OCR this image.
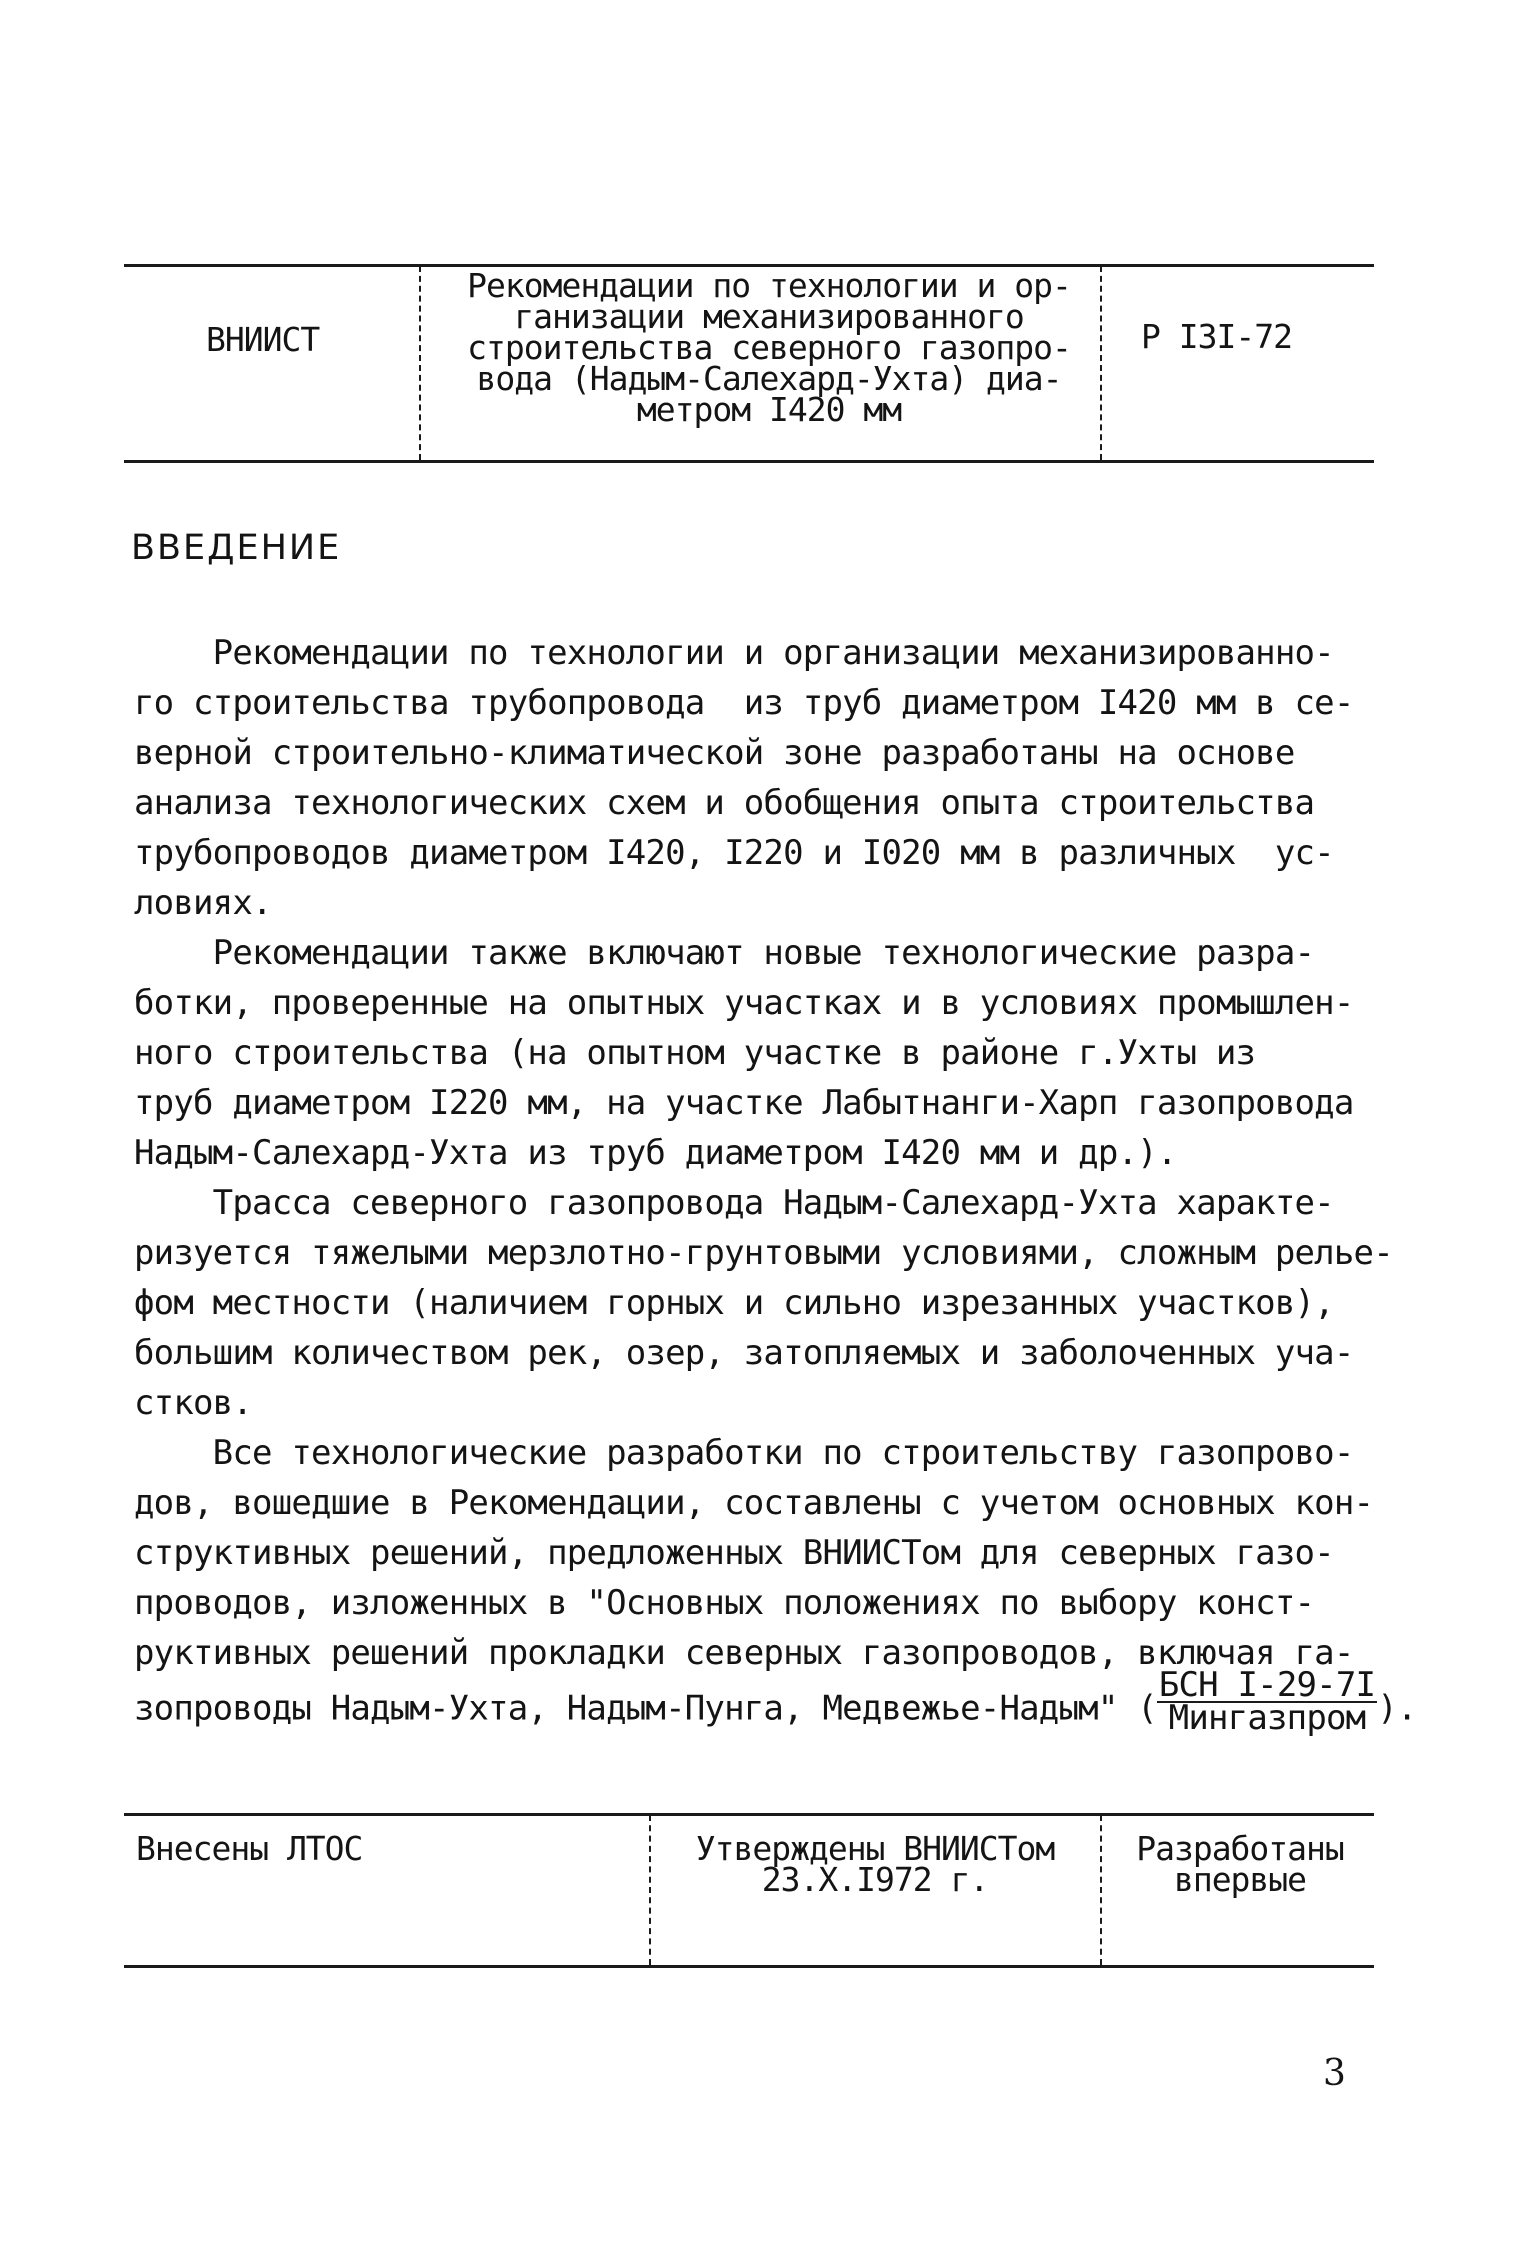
ВНИИСТ
Рекомендации по технологии и ор-
ганизации механизированного
строительства северного газопро-
вода (Надым-Салехард-Ухта) диа-
метром I420 мм
Р I3I-72
ВВЕДЕНИЕ

Рекомендации по технологии и организации механизированно-

го строительства трубопровода  из труб диаметром I420 мм в се-

верной строительно-климатической зоне разработаны на основе

анализа технологических схем и обобщения опыта строительства

трубопроводов диаметром I420, I220 и I020 мм в различных  ус-

ловиях.

Рекомендации также включают новые технологические разра-

ботки, проверенные на опытных участках и в условиях промышлен-

ного строительства (на опытном участке в районе г.Ухты из

труб диаметром I220 мм, на участке Лабытнанги-Харп газопровода

Надым-Салехард-Ухта из труб диаметром I420 мм и др.).

Трасса северного газопровода Надым-Салехард-Ухта характе-

ризуется тяжелыми мерзлотно-грунтовыми условиями, сложным релье-

фом местности (наличием горных и сильно изрезанных участков),

большим количеством рек, озер, затопляемых и заболоченных уча-

стков.

Все технологические разработки по строительству газопрово-

дов, вошедшие в Рекомендации, составлены с учетом основных кон-

структивных решений, предложенных ВНИИСТом для северных газо-

проводов, изложенных в "Основных положениях по выбору конст-

руктивных решений прокладки северных газопроводов, включая га-

зопроводы Надым-Ухта, Надым-Пунга, Медвежье-Надым" ( $\frac{\text{БСН I-29-7I}}{\text{Мингазпром}}$ ).

Внесены ЛТОС	Утверждены ВНИИСТом
23.X.I972 г.
Разработаны
впервые
3
